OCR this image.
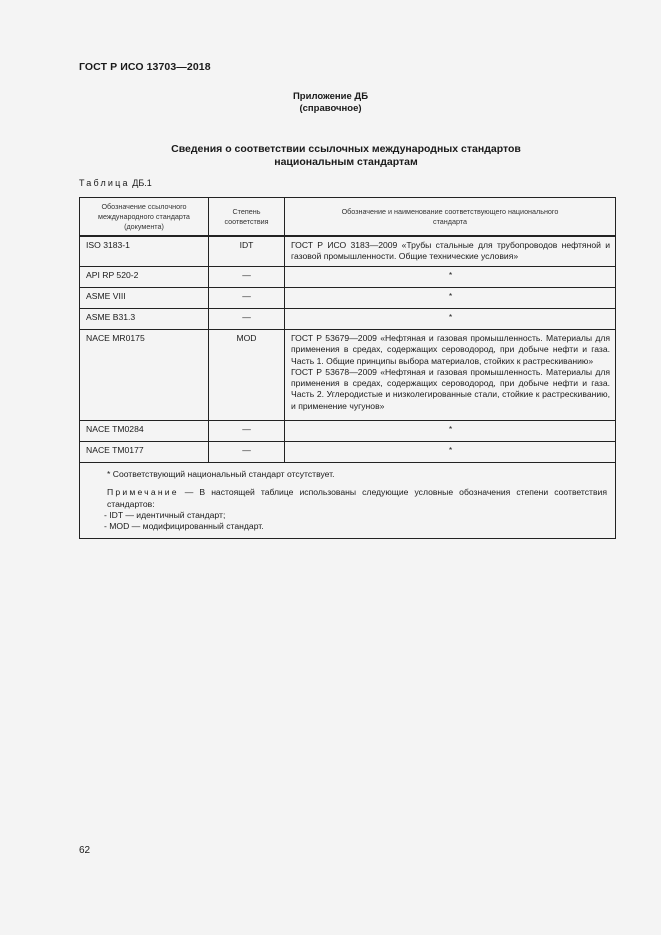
ГОСТ Р ИСО 13703—2018
Приложение ДБ
(справочное)
Сведения о соответствии ссылочных международных стандартов
национальным стандартам
Таблица ДБ.1
Обозначение ссылочного международного стандарта (документа)	Степень соответствия	Обозначение и наименование соответствующего национального стандарта
ISO 3183-1	IDT	ГОСТ Р ИСО 3183—2009 «Трубы стальные для трубопроводов нефтяной и газовой промышленности. Общие технические условия»
API RP 520-2	—	*
ASME VIII	—	*
ASME B31.3	—	*
NACE MR0175	MOD	ГОСТ Р 53679—2009 «Нефтяная и газовая промышленность. Материалы для применения в средах, содержащих сероводород, при добыче нефти и газа. Часть 1. Общие принципы выбора материалов, стойких к растрескиванию»
ГОСТ Р 53678—2009 «Нефтяная и газовая промышленность. Материалы для применения в средах, содержащих сероводород, при добыче нефти и газа. Часть 2. Углеродистые и низколегированные стали, стойкие к растрескиванию, и применение чугунов»

NACE TM0284	—	*
NACE TM0177	—	*

* Соответствующий национальный стандарт отсутствует.

Примечание — В настоящей таблице использованы следующие условные обозначения степени соответствия стандартов:

- IDT — идентичный стандарт;

- MOD — модифицированный стандарт.		

62
